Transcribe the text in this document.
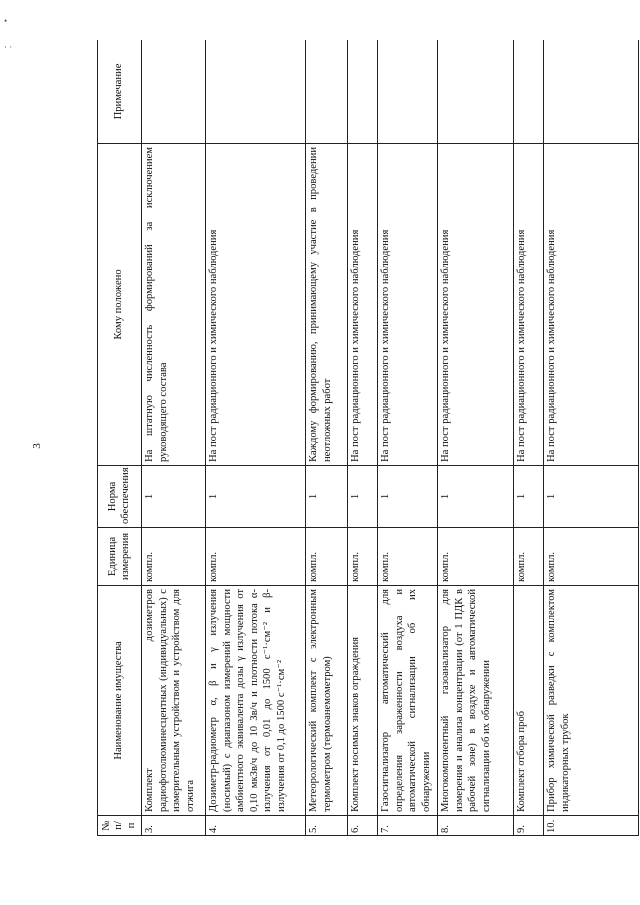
•
· ·
3
№ п/п	Наименование имущества	Единица измерения	Норма обеспечения	Кому положено	Примечание
3.	Комплект дозиметров радиофотолюминесцентных (индивидуальных) с измерительным устройством и устройством для отжига	компл.	1	На штатную численность формирований за исключением руководящего состава	
4.	Дозиметр-радиометр α, β и γ излучения (носимый) с диапазоном измерений мощности амбиентного эквивалента дозы γ излучения от 0,10 мкЗв/ч до 10 Зв/ч и плотности потока α-излучения от 0,01 до 1500 с⁻¹·см⁻² и β- излучения от 0,1 до 1500 с⁻¹·см⁻²	компл.	1	На пост радиационного и химического наблюдения	
5.	Метеорологический комплект с электронным термометром (термоанемометром)	компл.	1	Каждому формированию, принимающему участие в проведении неотложных работ	
6.	Комплект носимых знаков ограждения	компл.	1	На пост радиационного и химического наблюдения	
7.	Газосигнализатор автоматический для определения зараженности воздуха и автоматической сигнализации об их обнаружении	компл.	1	На пост радиационного и химического наблюдения	
8.	Многокомпонентный газоанализатор для измерения и анализа концентрации (от 1 ПДК в рабочей зоне) в воздухе и автоматической сигнализации об их обнаружении	компл.	1	На пост радиационного и химического наблюдения	
9.	Комплект отбора проб	компл.	1	На пост радиационного и химического наблюдения	
10.	Прибор химической разведки с комплектом индикаторных трубок	компл.	1	На пост радиационного и химического наблюдения	
